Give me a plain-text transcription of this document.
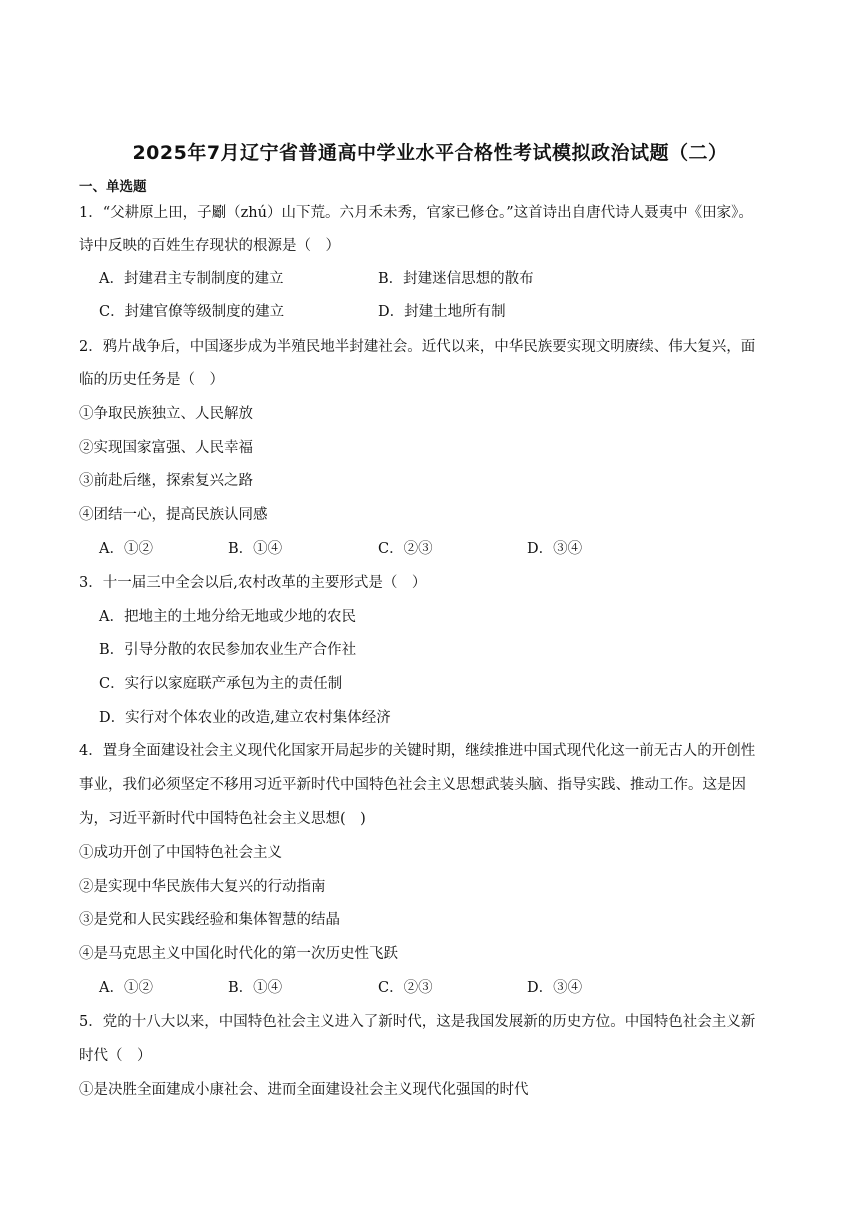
2025年7月辽宁省普通高中学业水平合格性考试模拟政治试题（二）
一、单选题
1．“父耕原上田，子劚（zhú）山下荒。六月禾未秀，官家已修仓。”这首诗出自唐代诗人聂夷中《田家》。
诗中反映的百姓生存现状的根源是（　）
A．封建君主专制制度的建立	B．封建迷信思想的散布
C．封建官僚等级制度的建立	D．封建土地所有制
2．鸦片战争后，中国逐步成为半殖民地半封建社会。近代以来，中华民族要实现文明赓续、伟大复兴，面
临的历史任务是（　）
①争取民族独立、人民解放
②实现国家富强、人民幸福
③前赴后继，探索复兴之路
④团结一心，提高民族认同感
A．①②	B．①④	C．②③	D．③④
3．十一届三中全会以后,农村改革的主要形式是（　）
A．把地主的土地分给无地或少地的农民
B．引导分散的农民参加农业生产合作社
C．实行以家庭联产承包为主的责任制
D．实行对个体农业的改造,建立农村集体经济
4．置身全面建设社会主义现代化国家开局起步的关键时期，继续推进中国式现代化这一前无古人的开创性
事业，我们必须坚定不移用习近平新时代中国特色社会主义思想武装头脑、指导实践、推动工作。这是因
为，习近平新时代中国特色社会主义思想(　)
①成功开创了中国特色社会主义
②是实现中华民族伟大复兴的行动指南
③是党和人民实践经验和集体智慧的结晶
④是马克思主义中国化时代化的第一次历史性飞跃
A．①②	B．①④	C．②③	D．③④
5．党的十八大以来，中国特色社会主义进入了新时代，这是我国发展新的历史方位。中国特色社会主义新
时代（　）
①是决胜全面建成小康社会、进而全面建设社会主义现代化强国的时代
